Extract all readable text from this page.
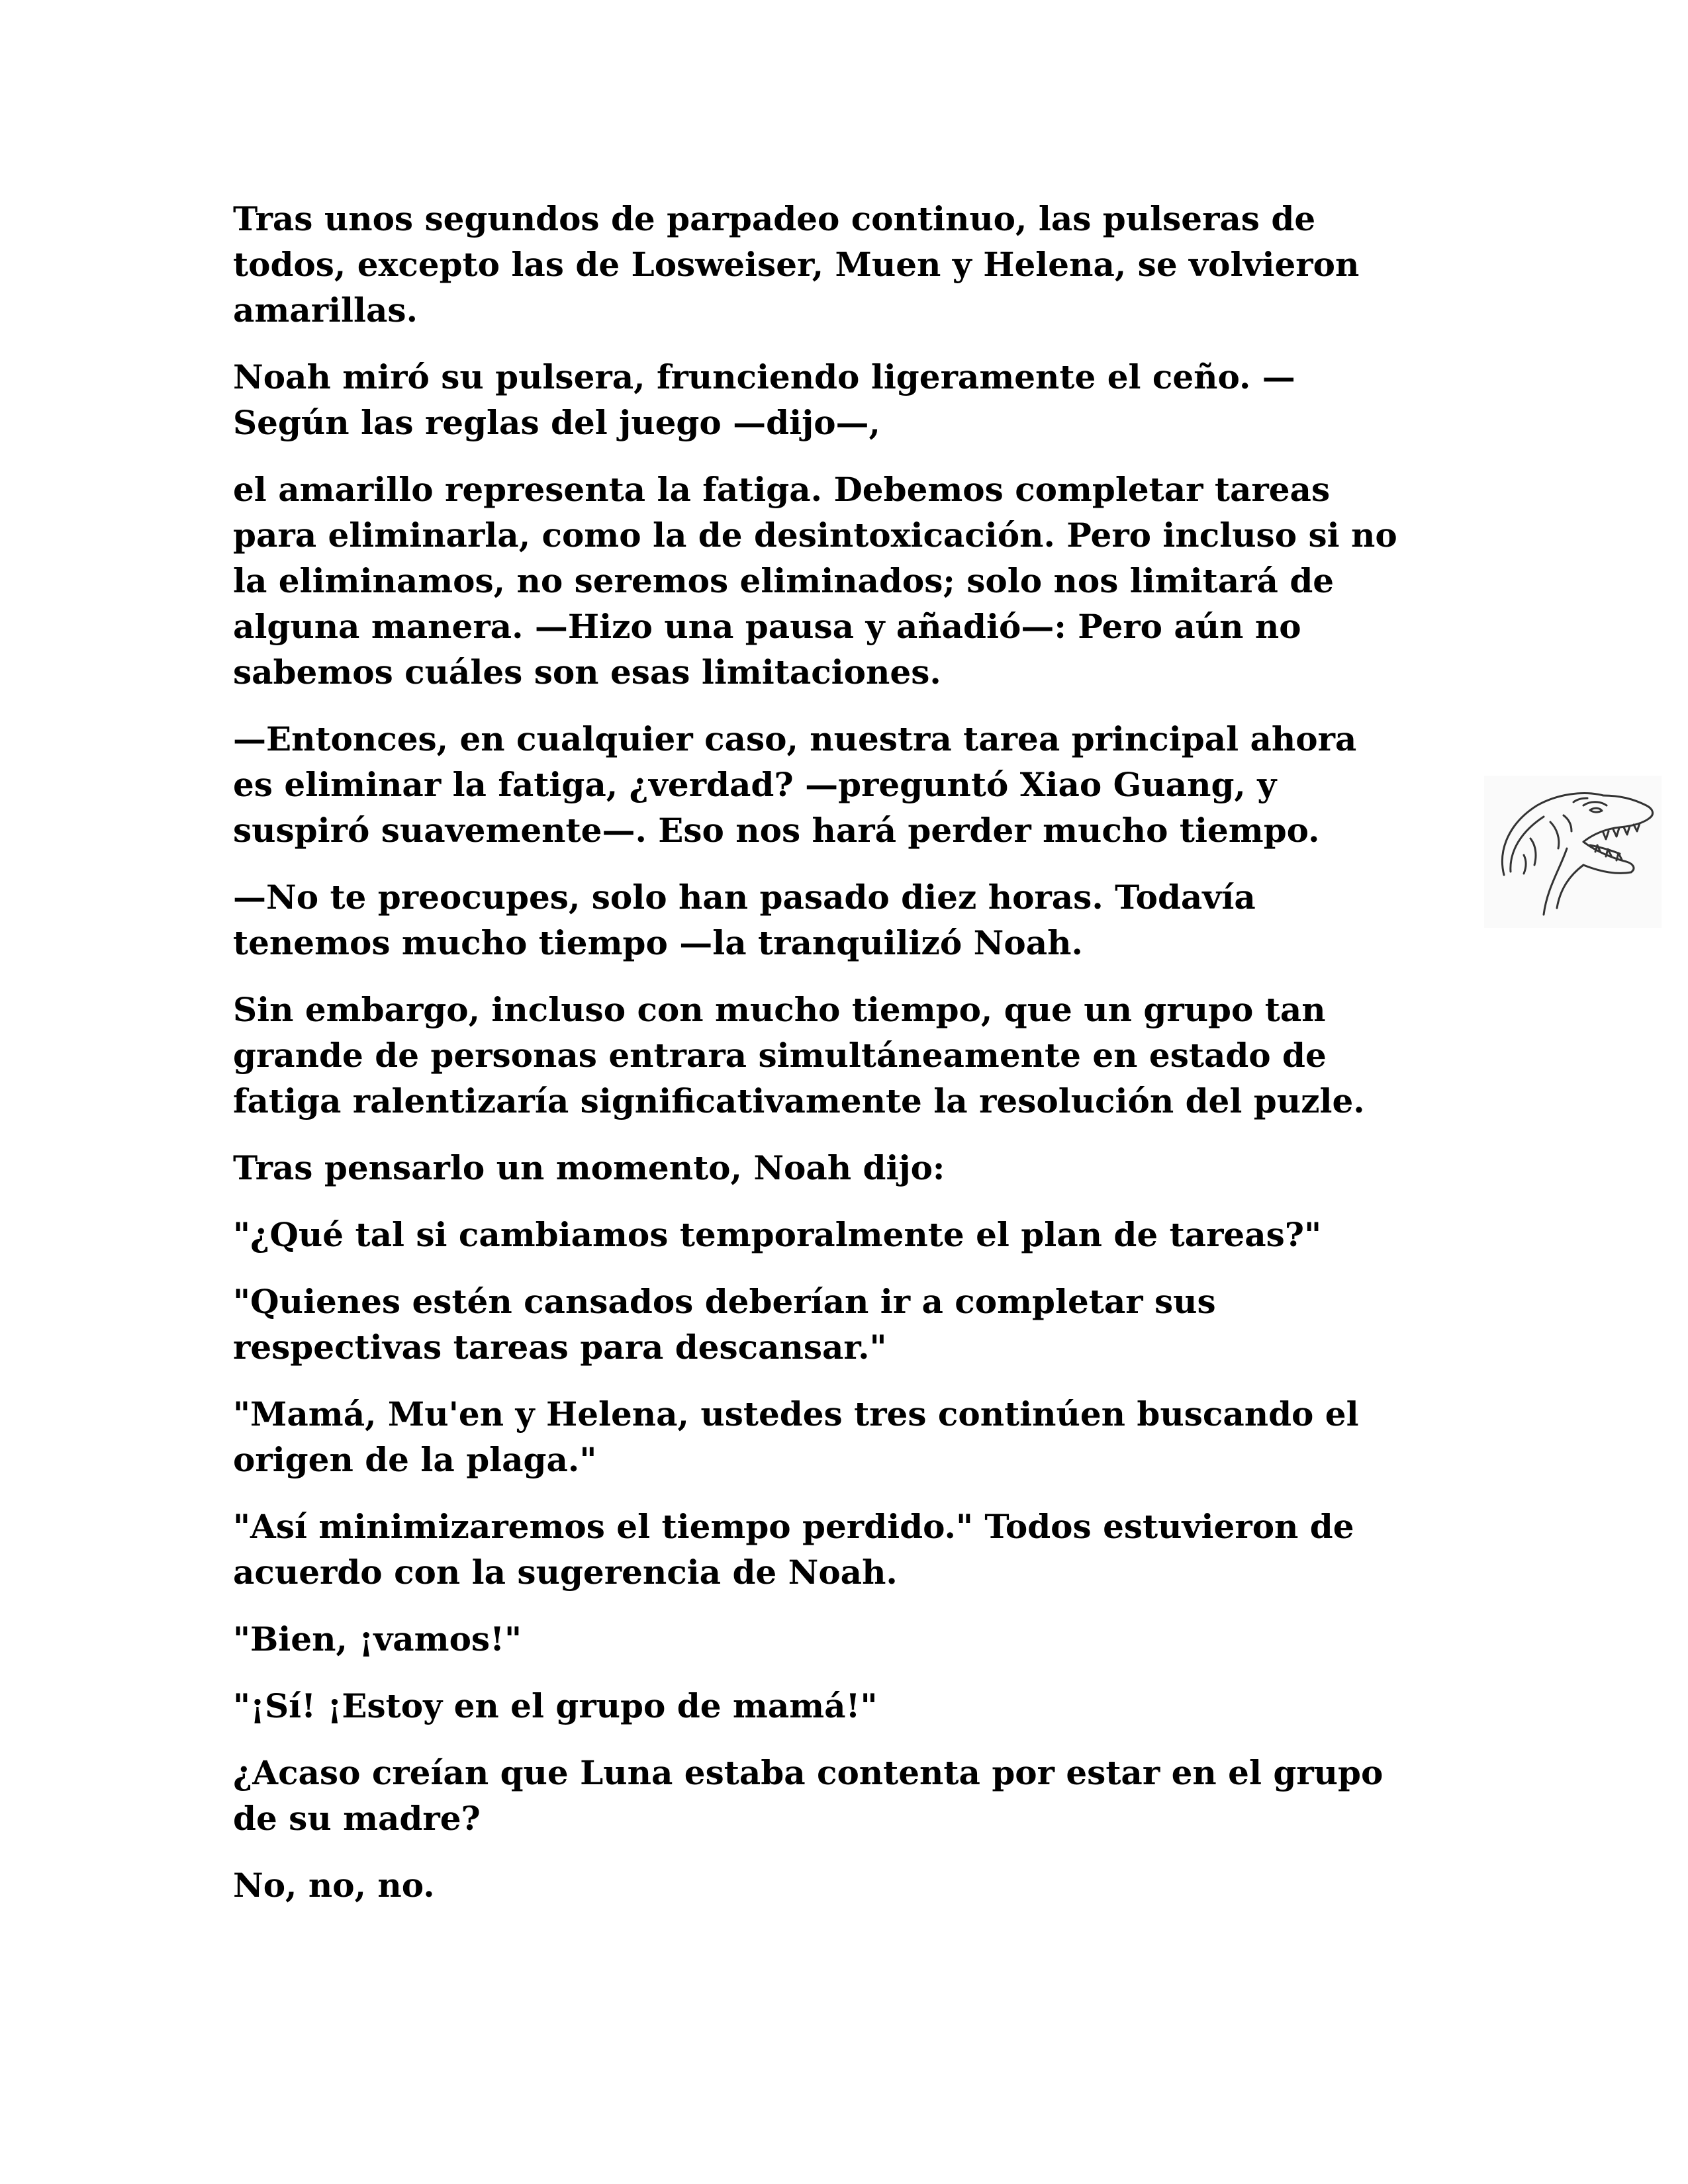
Tras unos segundos de parpadeo continuo, las pulseras de
todos, excepto las de Losweiser, Muen y Helena, se volvieron
amarillas.

Noah miró su pulsera, frunciendo ligeramente el ceño. —
Según las reglas del juego —dijo—,

el amarillo representa la fatiga. Debemos completar tareas
para eliminarla, como la de desintoxicación. Pero incluso si no
la eliminamos, no seremos eliminados; solo nos limitará de
alguna manera. —Hizo una pausa y añadió—: Pero aún no
sabemos cuáles son esas limitaciones.

—Entonces, en cualquier caso, nuestra tarea principal ahora
es eliminar la fatiga, ¿verdad? —preguntó Xiao Guang, y
suspiró suavemente—. Eso nos hará perder mucho tiempo.

—No te preocupes, solo han pasado diez horas. Todavía
tenemos mucho tiempo —la tranquilizó Noah.

Sin embargo, incluso con mucho tiempo, que un grupo tan
grande de personas entrara simultáneamente en estado de
fatiga ralentizaría significativamente la resolución del puzle.

Tras pensarlo un momento, Noah dijo:

"¿Qué tal si cambiamos temporalmente el plan de tareas?"

"Quienes estén cansados deberían ir a completar sus
respectivas tareas para descansar."

"Mamá, Mu'en y Helena, ustedes tres continúen buscando el
origen de la plaga."

"Así minimizaremos el tiempo perdido." Todos estuvieron de
acuerdo con la sugerencia de Noah.

"Bien, ¡vamos!"

"¡Sí! ¡Estoy en el grupo de mamá!"

¿Acaso creían que Luna estaba contenta por estar en el grupo
de su madre?

No, no, no.
